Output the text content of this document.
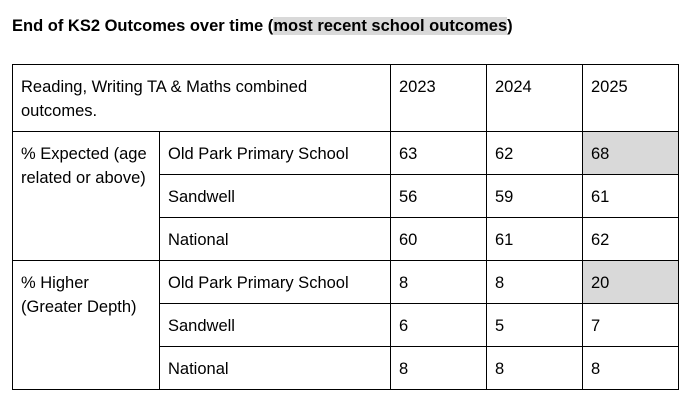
End of KS2 Outcomes over time (most recent school outcomes)
Reading, Writing TA & Maths combined outcomes.		2023	2024	2025
% Expected (age related or above)	Old Park Primary School	63	62	68
	Sandwell	56	59	61
	National	60	61	62
% Higher (Greater Depth)	Old Park Primary School	8	8	20
	Sandwell	6	5	7
	National	8	8	8
